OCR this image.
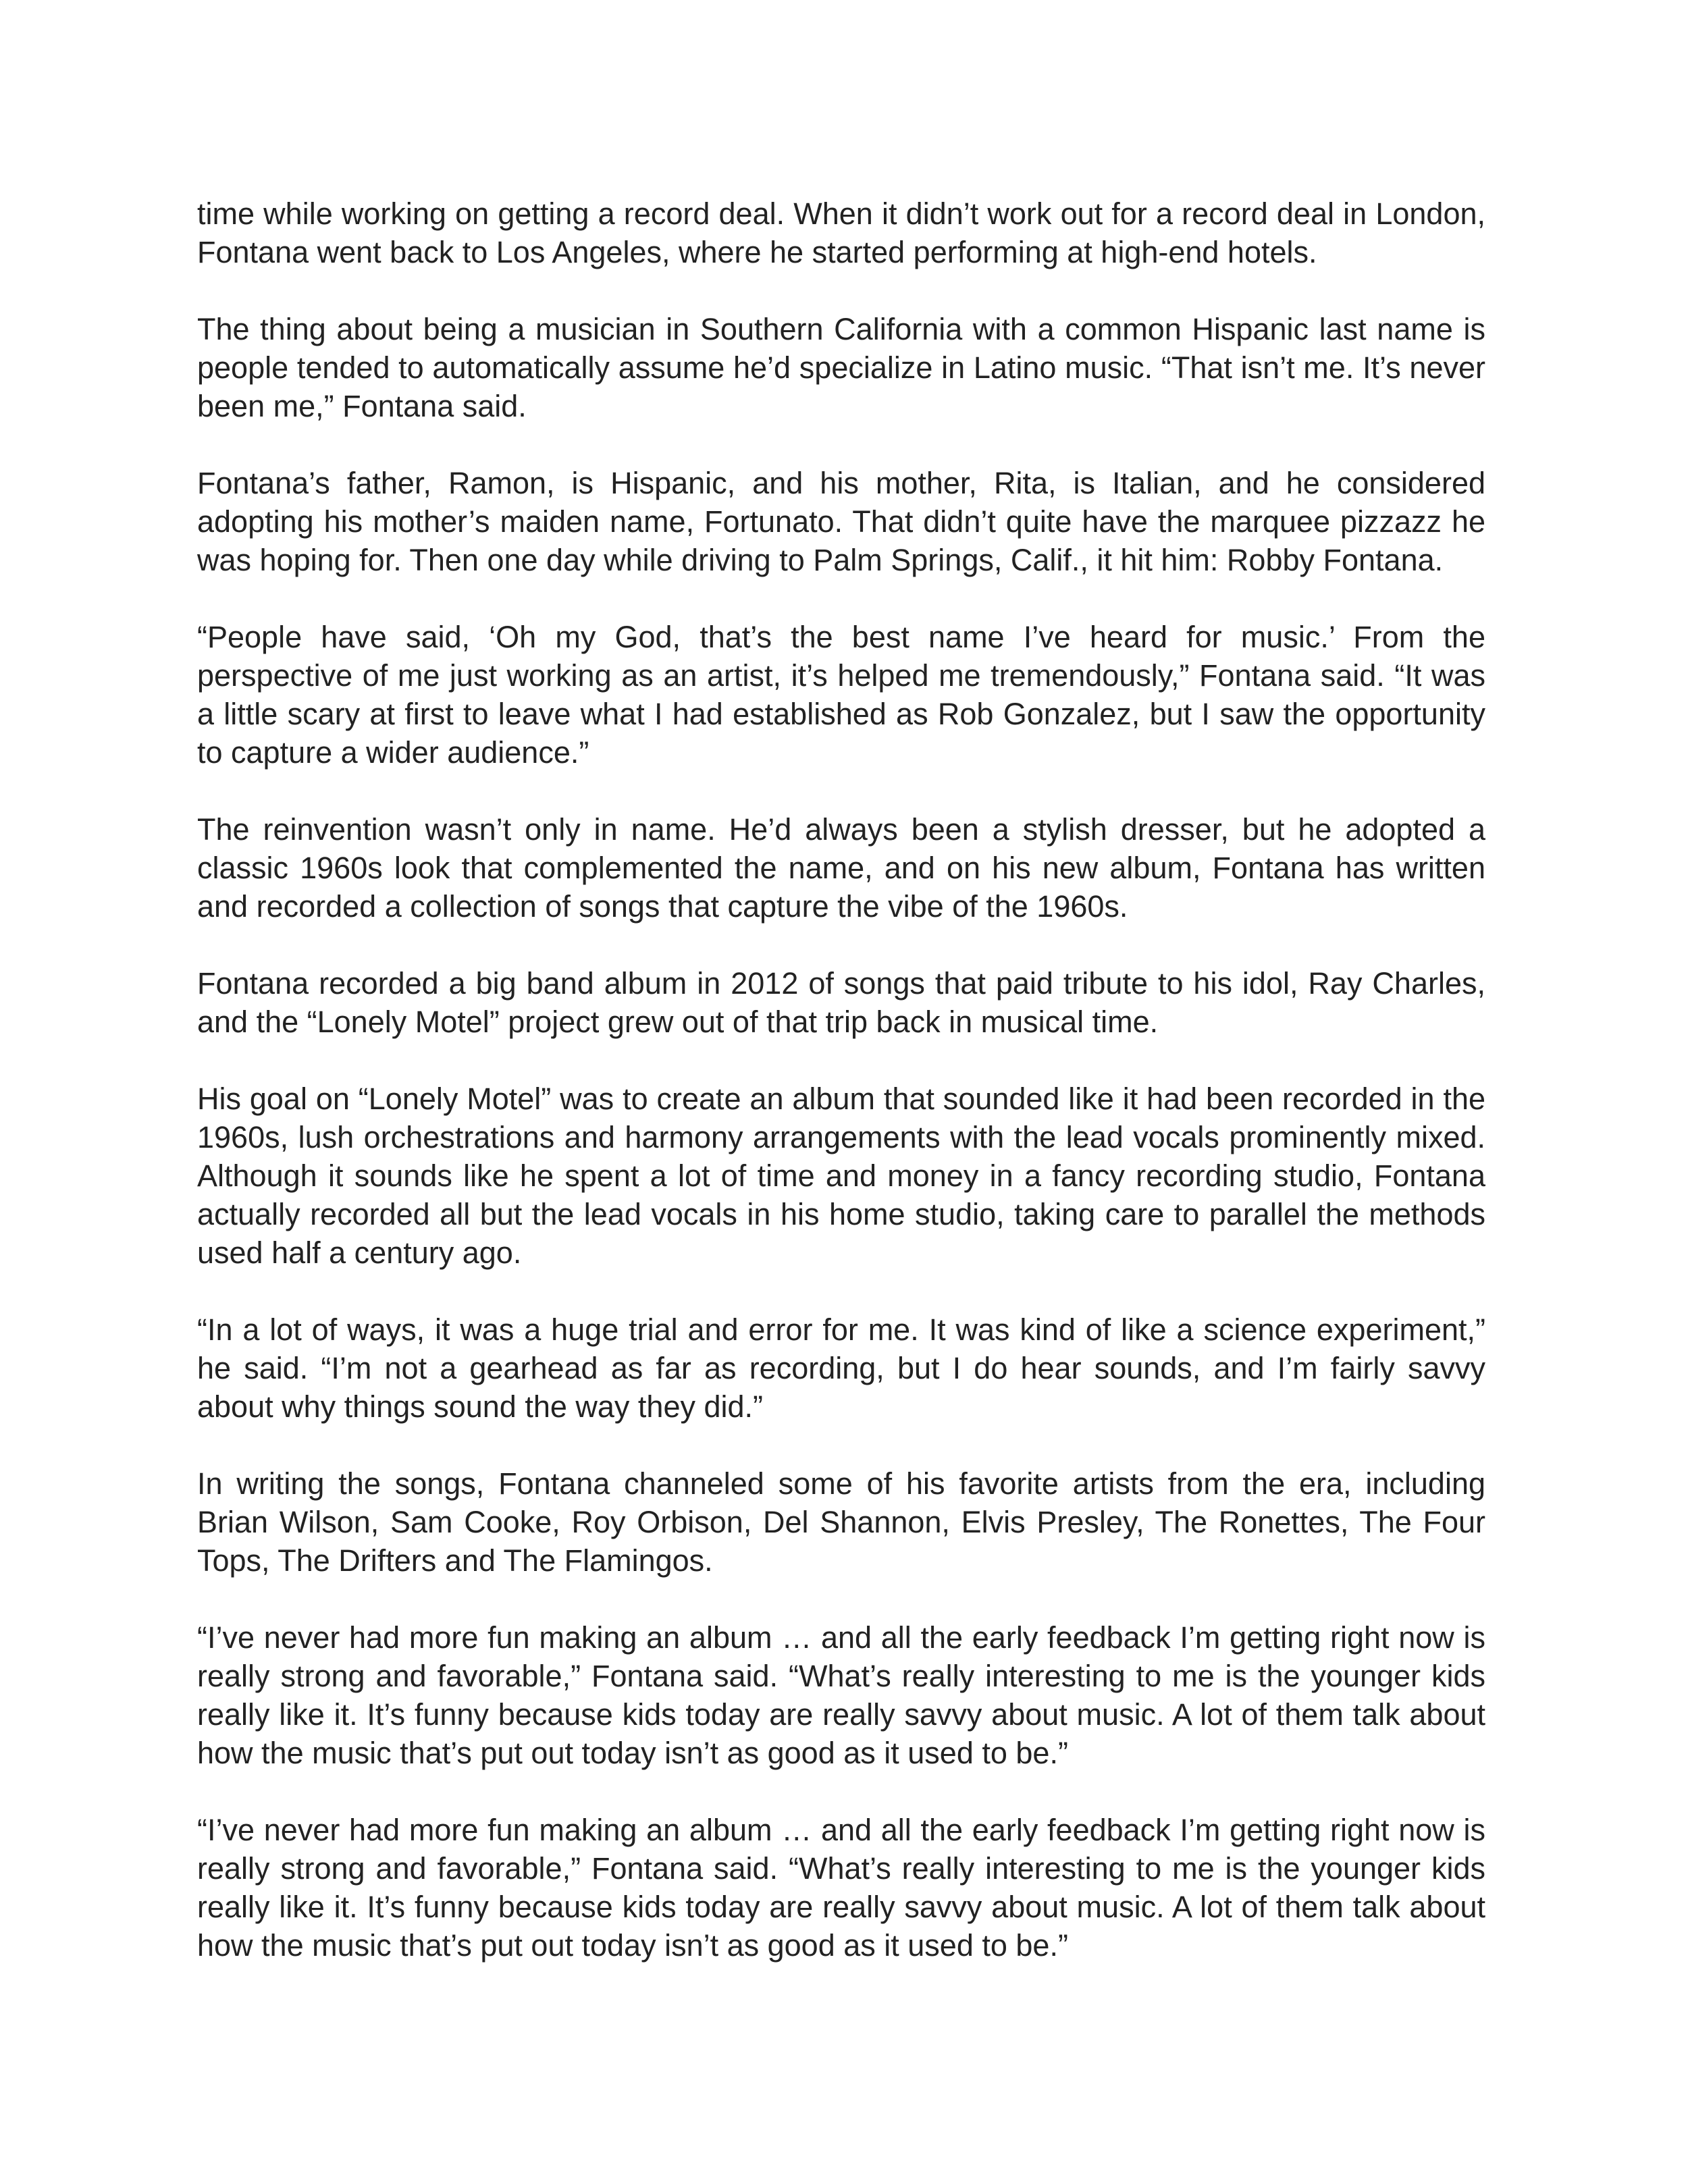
time while working on getting a record deal. When it didn’t work out for a record deal in London, Fontana went back to Los Angeles, where he started performing at high-end hotels.

The thing about being a musician in Southern California with a common Hispanic last name is people tended to automatically assume he’d specialize in Latino music. “That isn’t me. It’s never been me,” Fontana said.

Fontana’s father, Ramon, is Hispanic, and his mother, Rita, is Italian, and he considered adopting his mother’s maiden name, Fortunato. That didn’t quite have the marquee pizzazz he was hoping for. Then one day while driving to Palm Springs, Calif., it hit him: Robby Fontana.

“People have said, ‘Oh my God, that’s the best name I’ve heard for music.’ From the perspective of me just working as an artist, it’s helped me tremendously,” Fontana said. “It was a little scary at first to leave what I had established as Rob Gonzalez, but I saw the opportunity to capture a wider audience.”

The reinvention wasn’t only in name. He’d always been a stylish dresser, but he adopted a classic 1960s look that complemented the name, and on his new album, Fontana has written and recorded a collection of songs that capture the vibe of the 1960s.

Fontana recorded a big band album in 2012 of songs that paid tribute to his idol, Ray Charles, and the “Lonely Motel” project grew out of that trip back in musical time.

His goal on “Lonely Motel” was to create an album that sounded like it had been recorded in the 1960s, lush orchestrations and harmony arrangements with the lead vocals prominently mixed. Although it sounds like he spent a lot of time and money in a fancy recording studio, Fontana actually recorded all but the lead vocals in his home studio, taking care to parallel the methods used half a century ago.

“In a lot of ways, it was a huge trial and error for me. It was kind of like a science experiment,” he said. “I’m not a gearhead as far as recording, but I do hear sounds, and I’m fairly savvy about why things sound the way they did.”

In writing the songs, Fontana channeled some of his favorite artists from the era, including Brian Wilson, Sam Cooke, Roy Orbison, Del Shannon, Elvis Presley, The Ronettes, The Four Tops, The Drifters and The Flamingos.

“I’ve never had more fun making an album … and all the early feedback I’m getting right now is really strong and favorable,” Fontana said. “What’s really interesting to me is the younger kids really like it. It’s funny because kids today are really savvy about music. A lot of them talk about how the music that’s put out today isn’t as good as it used to be.”

“I’ve never had more fun making an album … and all the early feedback I’m getting right now is really strong and favorable,” Fontana said. “What’s really interesting to me is the younger kids really like it. It’s funny because kids today are really savvy about music. A lot of them talk about how the music that’s put out today isn’t as good as it used to be.”
